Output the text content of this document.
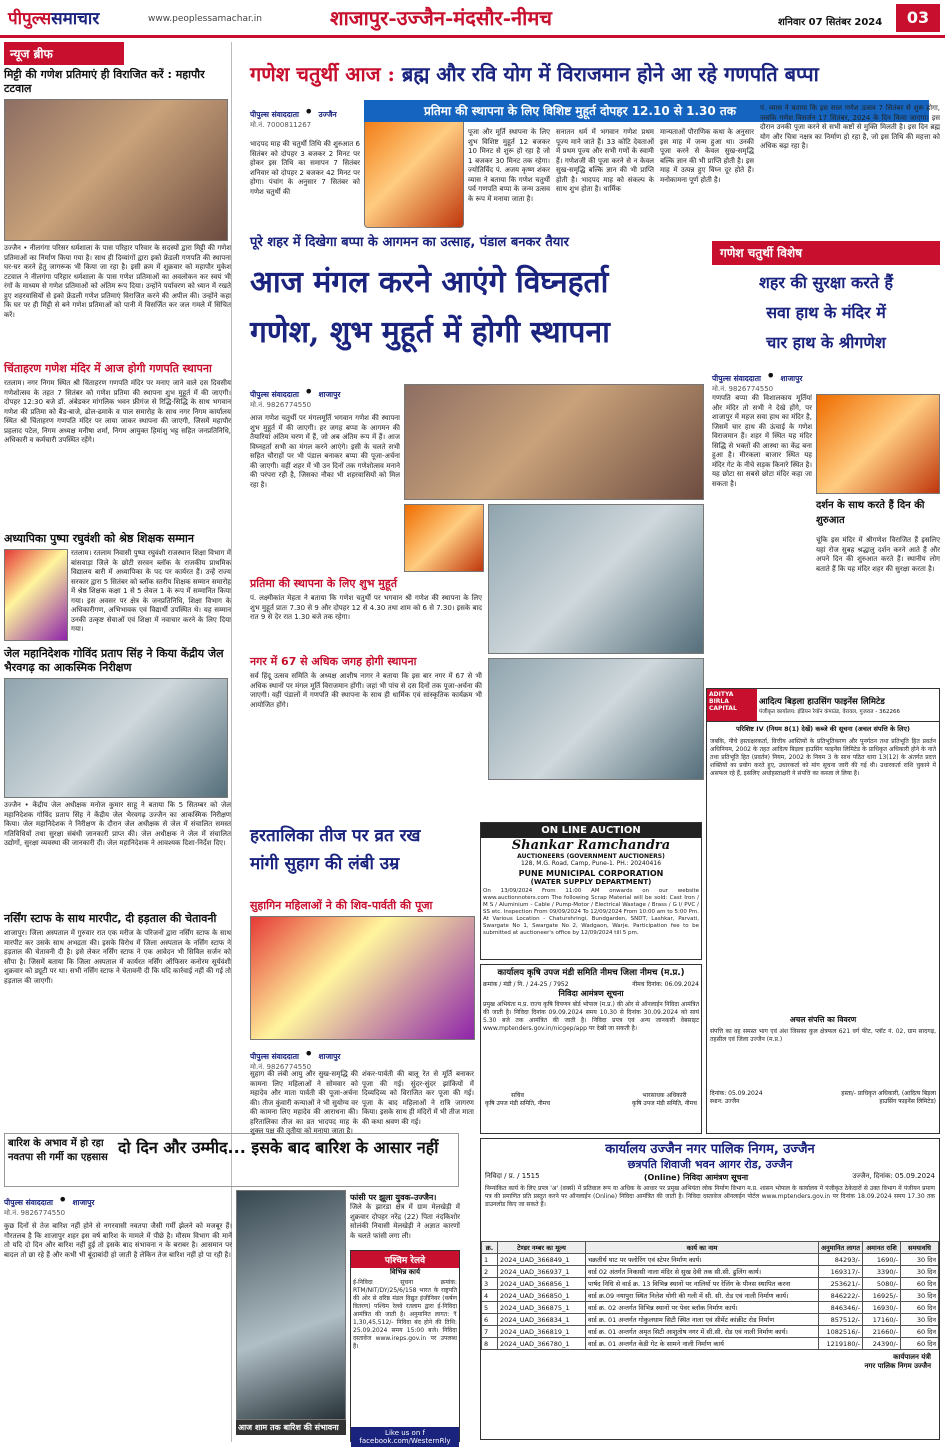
पीपुल्ससमाचार	www.peoplessamachar.in	शाजापुर-उज्जैन-मंदसौर-नीमच	शनिवार 07 सितंबर 2024	03
न्यूज ब्रीफ
मिट्टी की गणेश प्रतिमाएं ही विराजित करें : महापौर टटवाल
उज्जैन • नीलगंगा परिसर धर्मशाला के पास परिहार परिवार के सदस्यों द्वारा मिट्टी की गणेश प्रतिमाओं का निर्माण किया गया है। साथ ही दिव्यांगों द्वारा इको फ्रेंडली गणपति की स्थापना घर-घर करने हेतु जागरूक भी किया जा रहा है। इसी क्रम में शुक्रवार को महापौर मुकेश टटवाल ने नीलगंगा परिहार धर्मशाला के पास गणेश प्रतिमाओं का अवलोकन कर स्वयं भी रंगों के माध्यम से गणेश प्रतिमाओं को अंतिम रूप दिया। उन्होंने पर्यावरण को ध्यान में रखते हुए शहरवासियों से इको फ्रेंडली गणेश प्रतिमाएं विराजित करने की अपील की। उन्होंने कहा कि घर पर ही मिट्टी से बने गणेश प्रतिमाओं को पानी में विसर्जित कर जल गमले में सिंचित करें।
चिंताहरण गणेश मंदिर में आज होगी गणपति स्थापना
रतलाम। नगर निगम स्थित श्री चिंताहरण गणपति मंदिर पर मनाए जाने वाले दस दिवसीय गणेशोत्सव के तहत 7 सितंबर को गणेश प्रतिमा की स्थापना शुभ मुहूर्त में की जाएगी। दोपहर 12:30 बजे डॉ. अंबेडकर मांगलिक भवन फ्रीगंज से रिद्धि-सिद्धि के साथ भगवान गणेश की प्रतिमा को बैंड-बाजे, ढोल-ढमाके व पाल समारोह के साथ नगर निगम कार्यालय स्थित श्री चिंताहरण गणपति मंदिर पर लाया जाकर स्थापना की जाएगी, जिसमें महापौर प्रहलाद पटेल, निगम अध्यक्ष मनीषा शर्मा, निगम आयुक्त हिमांशु भट्ट सहित जनप्रतिनिधि, अधिकारी व कर्मचारी उपस्थित रहेंगे।
अध्यापिका पुष्पा रघुवंशी को श्रेष्ठ शिक्षक सम्मान
रतलाम। रतलाम निवासी पुष्पा रघुवंशी राजस्थान शिक्षा विभाग में बांसवाड़ा जिले के छोटी सरवन ब्लॉक के राजकीय प्राथमिक विद्यालय बारी में अध्यापिका के पद पर कार्यरत हैं। उन्हें राज्य सरकार द्वारा 5 सितंबर को ब्लॉक स्तरीय शिक्षक सम्मान समारोह में श्रेष्ठ शिक्षक कक्षा 1 से 5 लेवल 1 के रूप में सम्मानित किया गया। इस अवसर पर क्षेत्र के जनप्रतिनिधि, शिक्षा विभाग के अधिकारीगण, अभिभावक एवं विद्यार्थी उपस्थित थे। यह सम्मान उनकी उत्कृष्ट सेवाओं एवं शिक्षा में नवाचार करने के लिए दिया गया।
जेल महानिदेशक गोविंद प्रताप सिंह ने किया केंद्रीय जेल भैरवगढ़ का आकस्मिक निरीक्षण
उज्जैन • केंद्रीय जेल अधीक्षक मनोज कुमार साहू ने बताया कि 5 सितम्बर को जेल महानिदेशक गोविंद प्रताप सिंह ने केंद्रीय जेल भैरवगढ़ उज्जैन का आकस्मिक निरीक्षण किया। जेल महानिदेशक ने निरीक्षण के दौरान जेल अधीक्षक से जेल में संचालित समस्त गतिविधियों तथा सुरक्षा संबंधी जानकारी प्राप्त की। जेल अधीक्षक ने जेल में संचालित उद्योगों, सुरक्षा व्यवस्था की जानकारी दी। जेल महानिदेशक ने आवश्यक दिशा-निर्देश दिए।
नर्सिंग स्टाफ के साथ मारपीट, दी हड़ताल की चेतावनी
शाजापुर। जिला अस्पताल में गुरुवार रात एक मरीज के परिजनों द्वारा नर्सिंग स्टाफ के साथ मारपीट कर उसके साथ अभद्रता की। इसके विरोध में जिला अस्पताल के नर्सिंग स्टाफ ने हड़ताल की चेतावनी दी है। इसे लेकर नर्सिंग स्टाफ ने एक आवेदन भी सिविल सर्जन को सौंपा है। जिसमें बताया कि जिला अस्पताल में कार्यरत नर्सिंग ऑफिसर कनोरम सूर्यवंशी शुक्रवार को ड्यूटी पर था। सभी नर्सिंग स्टाफ ने चेतावनी दी कि यदि कार्रवाई नहीं की गई तो हड़ताल की जाएगी।
बारिश के अभाव में हो रहा नवतपा सी गर्मी का एहसास
दो दिन और उम्मीद... इसके बाद बारिश के आसार नहीं
पीपुल्स संवाददाता • शाजापुर
मो.नं. 9826774550
कुछ दिनों से तेज बारिश नहीं होने से नगरवासी नवतपा जैसी गर्मी झेलने को मजबूर हैं। गौरतलब है कि शाजापुर शहर इस वर्ष बारिश के मामले में पीछे है। मौसम विभाग की मानें तो यदि दो दिन और बारिश नहीं हुई तो इसके बाद संभावना न के बराबर है। आसमान पर बादल तो छा रहे हैं और कभी भी बूंदाबांदी हो जाती है लेकिन तेज बारिश नहीं हो पा रही है।
आज शाम तक बारिश की संभावना
गणेश चतुर्थी आज : ब्रह्म और रवि योग में विराजमान होने आ रहे गणपति बप्पा
प्रतिमा की स्थापना के लिए विशिष्ट मुहूर्त दोपहर 12.10 से 1.30 तक
पीपुल्स संवाददाता • उज्जैन
मो.नं. 7000811267
भादपद माह की चतुर्थी तिथि की शुरुआत 6 सितंबर को दोपहर 3 बजकर 2 मिनट पर होकर इस तिथि का समापन 7 सितंबर शनिवार को दोपहर 2 बजकर 42 मिनट पर होगा। पंचांग के अनुसार 7 सितंबर को गणेश चतुर्थी की
पूजा और मूर्ति स्थापना के लिए शुभ विशिष्ट मुहूर्त 12 बजकर 10 मिनट से शुरू हो रहा है जो 1 बजकर 30 मिनट तक रहेगा। ज्योतिर्विद पं. अजय कृष्ण शंकर व्यास ने बताया कि गणेश चतुर्थी पर्व गणपति बप्पा के जन्म उत्सव के रूप में मनाया जाता है।
सनातन धर्म में भगवान गणेश प्रथम पूज्य माने जाते हैं। 33 कोटि देवताओं में प्रथम पूज्य और सभी गणों के स्वामी हैं। गणेशजी की पूजा करने से न केवल सुख-समृद्धि बल्कि ज्ञान की भी प्राप्ति होती है। भादपद माह को संकल्प के साथ शुभ होता है। धार्मिक
मान्यताओं पौराणिक कथा के अनुसार इस माह में जन्म हुआ था। उनकी पूजा करने से केवल सुख-समृद्धि बल्कि ज्ञान की भी प्राप्ति होती है। इस माह में उत्पन्न हुए विघ्न दूर होते हैं। मनोकामना पूर्ण होती है।
पं. व्यास ने बताया कि इस साल गणेश उत्सव 7 सितंबर से शुरू होगा, जबकि गणेश विसर्जन 17 सितंबर, 2024 के दिन किया जाएगा। इस दौरान उनकी पूजा करने से सभी कष्टों से मुक्ति मिलती है। इस दिन ब्रह्म योग और चित्रा नक्षत्र का निर्माण हो रहा है, जो इस तिथि की महत्ता को अधिक बढ़ा रहा है।
पूरे शहर में दिखेगा बप्पा के आगमन का उत्साह, पंडाल बनकर तैयार
आज मंगल करने आएंगे विघ्नहर्ता
गणेश, शुभ मुहूर्त में होगी स्थापना
पीपुल्स संवाददाता • शाजापुर
मो.नं. 9826774550
आज गणेश चतुर्थी पर मंगलमूर्ति भगवान गणेश की स्थापना शुभ मुहूर्त में की जाएगी। हर जगह बप्पा के आगमन की तैयारियां अंतिम चरण में हैं, जो अब अंतिम रूप में हैं। आज विघ्नहर्ता सभी का मंगल करने आएंगे। इसी के चलते सभी सहित चौराहों पर भी पंडाल बनाकर बप्पा की पूजा-अर्चना की जाएगी। वहीं शहर में भी उन दिनों तक गणेशोत्सव मनाने की परंपरा रही है, जिसका नौका भी शहरवासियों को मिल रहा है।
प्रतिमा की स्थापना के लिए शुभ मुहूर्त
पं. लक्ष्मीकांत मेहता ने बताया कि गणेश चतुर्थी पर भगवान श्री गणेश की स्थापना के लिए शुभ मुहूर्त प्रातः 7.30 से 9 और दोपहर 12 से 4.30 तथा शाम को 6 से 7.30। इसके बाद रात 9 से देर रात 1.30 बजे तक रहेगा।
नगर में 67 से अधिक जगह होगी स्थापना
सर्व हिंदू उत्सव समिति के अध्यक्ष आशीष नागर ने बताया कि इस बार नगर में 67 से भी अधिक स्थानों पर मंगल मूर्ति विराजमान होंगी। जहां भी पांच से दस दिनों तक पूजा-अर्चना की जाएगी। वहीं पंडालों में गणपति की स्थापना के साथ ही धार्मिक एवं सांस्कृतिक कार्यक्रम भी आयोजित होंगे।
गणेश चतुर्थी विशेष
शहर की सुरक्षा करते हैं
सवा हाथ के मंदिर में
चार हाथ के श्रीगणेश
पीपुल्स संवाददाता • शाजापुर
मो.नं. 9826774550
गणपति बप्पा की विशालकाय मूर्तियां और मंदिर तो सभी ने देखे होंगे, पर शाजापुर में महज सवा हाथ का मंदिर है, जिसमें चार हाथ की ऊंचाई के गणेश विराजमान हैं। शहर में स्थित यह मंदिर सिद्धि से भक्तों की आस्था का केंद्र बना हुआ है। मीरकला बाजार स्थित यह मंदिर गेट के नीचे सड़क किनारे स्थित है। यह छोटा सा सबसे छोटा मंदिर कहा जा सकता है।
दर्शन के साथ करते हैं दिन की शुरुआत
चूंकि इस मंदिर में श्रीगणेश विराजित हैं इसलिए यहां रोज सुबह श्रद्धालु दर्शन करने आते हैं और अपने दिन की शुरुआत करते हैं। स्थानीय लोग बताते हैं कि यह मंदिर शहर की सुरक्षा करता है।
हरतालिका तीज पर व्रत रख
मांगी सुहाग की लंबी उम्र
सुहागिन महिलाओं ने की शिव-पार्वती की पूजा
पीपुल्स संवाददाता • शाजापुर
मो.नं. 9826774550
सुहाग की लंबी आयु और सुख-समृद्धि की कामना लिए महिलाओं ने सोमवार को महादेव और माता पार्वती की पूजा-अर्चना की। तीज कुंवारी कन्याओं ने भी सुयोग्य वर की कामना लिए महादेव की आराधना की। हरितालिका तीज का व्रत भादपद माह के शुक्ल पक्ष की तृतीया को मनाया जाता है।
शंकर-पार्वती की बालू रेत से मूर्ति बनाकर पूजा की गई। सुंदर-सुंदर झांकियों में दिव्यदिव्य को विराजित कर पूजा की गई। पूजा के बाद महिलाओं ने रात्रि जागरण किया। इसके साथ ही मंदिरों में भी तीज माता की कथा श्रवण की गई।
फांसी पर झूला युवक-उज्जैन।
जिले के झारडा क्षेत्र में ग्राम मेलखेड़ी में शुक्रवार दोपहर नरेंद्र (22) पिता नंदकिशोर सोलंकी निवासी मेलखेड़ी ने अज्ञात कारणों के चलते फांसी लगा ली।
पश्चिम रेलवे
विभिन्न कार्य
ई-निविदा सूचना क्रमांक: RTM/NIT/DY/25/6/158 भारत के राष्ट्रपति की ओर से वरिष्ठ मंडल विद्युत इंजीनियर (कर्षण वितरण) पश्चिम रेलवे रतलाम द्वारा ई-निविदा आमंत्रित की जाती है। अनुमानित लागत: ₹ 1,30,45,512/- निविदा बंद होने की तिथि: 25.09.2024 समय 15:00 बजे। निविदा दस्तावेज www.ireps.gov.in पर उपलब्ध हैं।
Like us on f facebook.com/WesternRly
ON LINE AUCTION
Shankar Ramchandra
AUCTIONEERS (GOVERNMENT AUCTIONERS)
128, M.G. Road, Camp, Pune-1. PH.: 20240416
PUNE MUNICIPAL CORPORATION
(WATER SUPPLY DEPARTMENT)
On 13/09/2024 From 11:00 AM onwards on our website www.auctionnoters.com The following Scrap Material will be sold: Cast Iron / M S / Aluminium - Cable / Pump-Motor / Electrical Wastage / Brass / G I/ PVC / SS etc. Inspection From 09/09/2024 To 12/09/2024 From 10:00 am to 5:00 Pm. At Various Location - Chaturshringi, Bundgarden, SNDT, Lashkar, Parvati, Swargate No 1, Swargate No 2, Wadgaon, Warje. Participation fee to be submitted at auctioneer's office by 12/09/2024 till 5 pm.
कार्यालय कृषि उपज मंडी समिति नीमच जिला नीमच (म.प्र.)
क्रमांक / मंडी / नि. / 24-25 / 7952	नीमच दिनांक: 06.09.2024
निविदा आमंत्रण सूचना
प्रमुख अभियंता म.प्र. राज्य कृषि विपणन बोर्ड भोपाल (म.प्र.) की ओर से ऑनलाईन निविदा आमंत्रित की जाती है। निविदा दिनांक 09.09.2024 समय 10.30 से दिनांक 30.09.2024 को सायं 5.30 बजे तक आमंत्रित की जाती है। निविदा प्रपत्र एवं अन्य जानकारी वेबसाइट www.mptenders.gov.in/nicgep/app पर देखी जा सकती है।
सचिव
कृषि उपज मंडी समिति, नीमच
भारसाधक अधिकारी
कृषि उपज मंडी समिति, नीमच
ADITYA BIRLA CAPITAL
आदित्य बिड़ला हाउसिंग फाइनेंस लिमिटेड
पंजीकृत कार्यालय: इंडियन रेयॉन कंपाउंड, वेरावल, गुजरात - 362266
परिशिष्ट IV (नियम 8(1) देखें) कब्जे की सूचना (अचल संपत्ति के लिए)
जबकि, नीचे हस्ताक्षरकर्ता, वित्तीय आस्तियों के प्रतिभूतिकरण और पुनर्गठन तथा प्रतिभूति हित प्रवर्तन अधिनियम, 2002 के तहत आदित्य बिड़ला हाउसिंग फाइनेंस लिमिटेड के प्राधिकृत अधिकारी होने के नाते तथा प्रतिभूति हित (प्रवर्तन) नियम, 2002 के नियम 3 के साथ पठित धारा 13(12) के अंतर्गत प्रदत्त शक्तियों का प्रयोग करते हुए, उधारकर्ता को मांग सूचना जारी की गई थी। उधारकर्ता राशि चुकाने में असफल रहे हैं, इसलिए अधोहस्ताक्षरी ने संपत्ति का कब्जा ले लिया है।
अचल संपत्ति का विवरण
संपत्ति का वह समस्त भाग एवं अंश जिसका कुल क्षेत्रफल 621 वर्ग फीट, प्लॉट नं. 02, ग्राम सादगढ़, तहसील एवं जिला उज्जैन (म.प्र.)
दिनांक: 05.09.2024
स्थान: उज्जैन
हस्ता/- प्राधिकृत अधिकारी, (आदित्य बिड़ला हाउसिंग फाइनेंस लिमिटेड)
कार्यालय उज्जैन नगर पालिक निगम, उज्जैन
छत्रपति शिवाजी भवन आगर रोड, उज्जैन
निविदा / प्र. / 1515	(Online) निविदा आमंत्रण सूचना	उज्जैन, दिनांक: 05.09.2024
निम्नांकित कार्य के लिए प्रपत्र 'अ' (वर्क्स) में प्रतिवाल रूप या अधिक के आधार पर प्रमुख अभियंता लोक निर्माण विभाग म.प्र. शासन भोपाल के कार्यालय में पंजीकृत ठेकेदारों से उक्त विभाग में पंजीयन प्रमाण पत्र की प्रमाणित प्रति प्रस्तुत करने पर ऑनलाईन (Online) निविदा आमंत्रित की जाती है। निविदा दस्तावेज ऑनलाईन पोर्टल www.mptenders.gov.in पर दिनांक 18.09.2024 समय 17.30 तक डाउनलोड किए जा सकते हैं।
क्र.	टेण्डर नम्बर का मूल्य	कार्य का नाम	अनुमानित लागत	अमानत राशि	समयावधि
1	2024_UAD_366849_1	चक्रतीर्थ घाट पर फ्लोरिंग एवं स्टेपर निर्माण कार्य।	84293/-	1690/-	30 दिन
2	2024_UAD_366937_1	वार्ड 02 अंतर्गत निकासी नाला मंदिर से सुख देवी तक सी.सी. ढुलिंग कार्य।	169317/-	3390/-	30 दिन
3	2024_UAD_366856_1	पार्षद निधि से वार्ड क्र. 13 विभिन्न स्थानों पर नालियों पर रेलिंग के पीनस स्थापित करना	253621/-	5080/-	60 दिन
4	2024_UAD_366850_1	वार्ड क्र.09 नयापुरा स्थित निलेश योगी की गली में सी. सी. रोड एवं नाली निर्माण कार्य।	846222/-	16925/-	30 दिन
5	2024_UAD_366875_1	वार्ड क्र. 02 अन्तर्गत विभिन्न स्थानों पर पेवर ब्लॉक निर्माण कार्य।	846346/-	16930/-	60 दिन
6	2024_UAD_366834_1	वार्ड क्र. 01 अन्तर्गत गोकुलधाम सिटी स्थित नाला एवं सीमेंट कांक्रीट रोड निर्माण	857512/-	17160/-	30 दिन
7	2024_UAD_366819_1	वार्ड क्र. 01 अन्तर्गत अमृत सिटी आशुतोष नगर में सी.सी. रोड एवं नाली निर्माण कार्य।	1082516/-	21660/-	60 दिन
8	2024_UAD_366780_1	वार्ड क्र. 01 अन्तर्गत केडी गेट के सामने नाली निर्माण कार्य	1219180/-	24390/-	60 दिन
कार्यपालन यंत्री
नगर पालिक निगम उज्जैन
